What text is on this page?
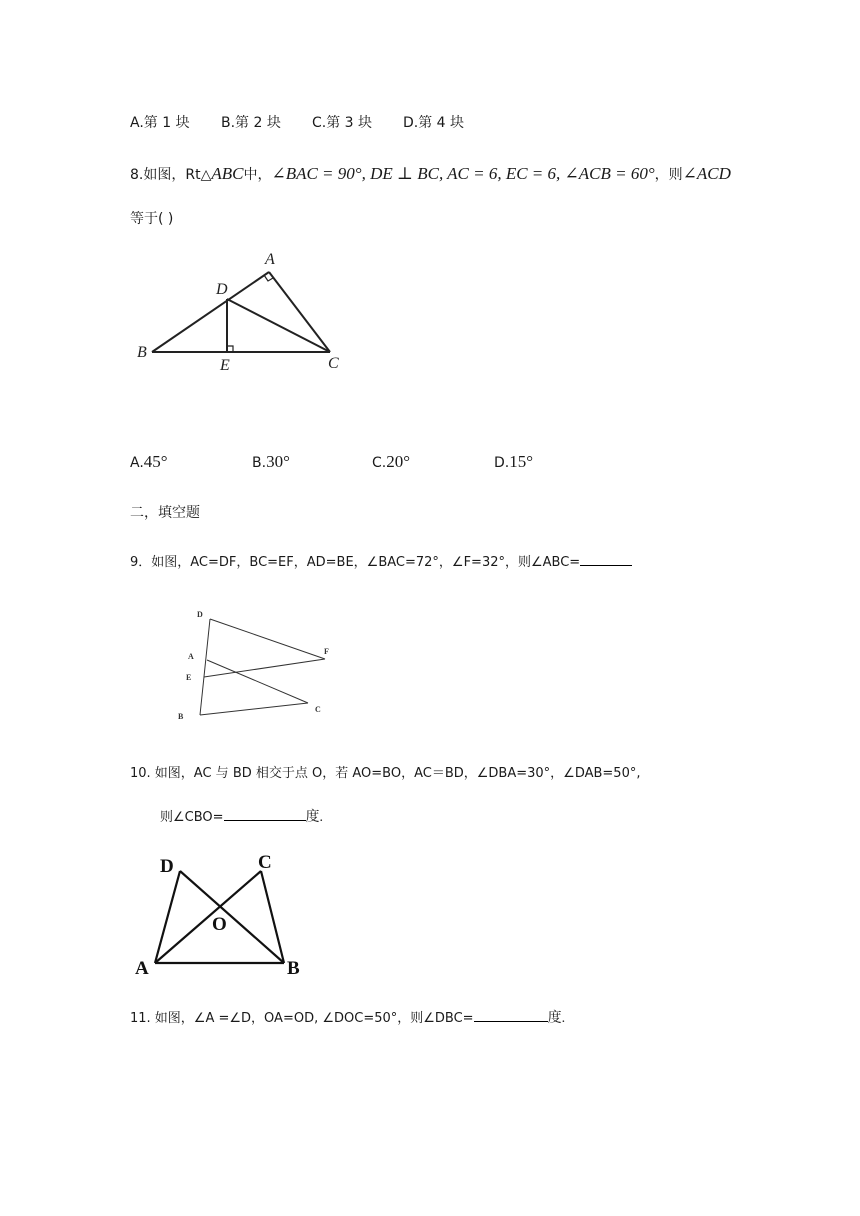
A.第 1 块 B.第 2 块 C.第 3 块 D.第 4 块
8.如图，Rt△ABC中，∠BAC = 90°, DE ⊥ BC, AC = 6, EC = 6, ∠ACB = 60°，则∠ACD
等于( )
A
D
B
E	C
A.45°	B.30°	C.20°	D.15°
二，填空题
9．如图，AC=DF，BC=EF，AD=BE，∠BAC=72°，∠F=32°，则∠ABC=
D
A
E
B
F
C
10. 如图，AC 与 BD 相交于点 O，若 AO=BO，AC＝BD，∠DBA=30°，∠DAB=50°,
则∠CBO=	度.
D	C
O
A	B
11. 如图，∠A =∠D，OA=OD, ∠DOC=50°，则∠DBC=	度.
